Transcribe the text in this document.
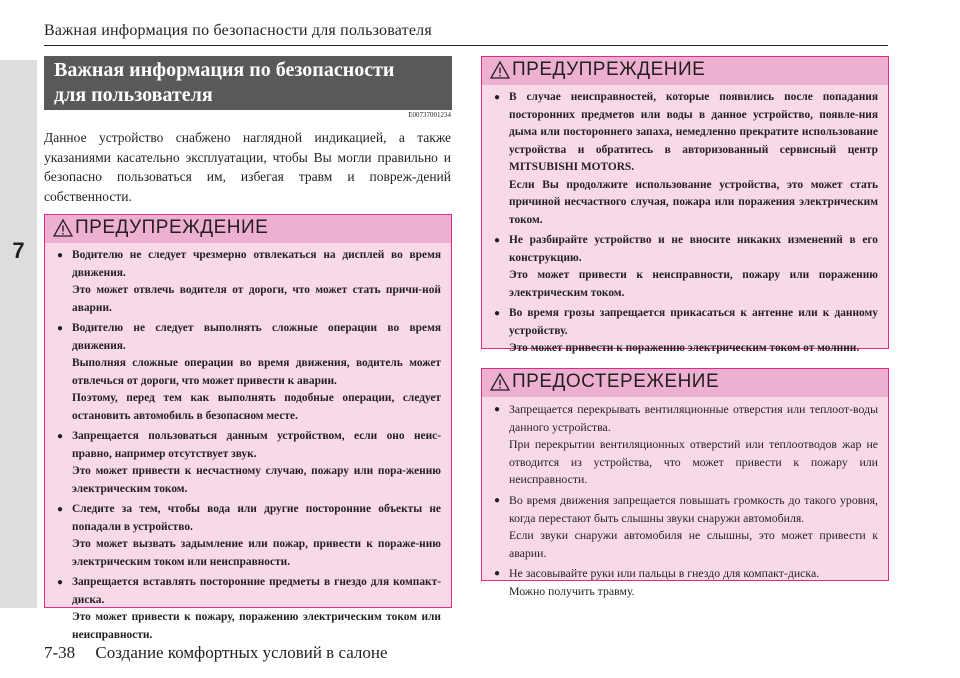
Важная информация по безопасности для пользователя
7
Важная информация по безопасности
для пользователя
E00737001234
Данное устройство снабжено наглядной индикацией, а также указаниями касательно эксплуатации, чтобы Вы могли правильно и безопасно пользоваться им, избегая травм и повреж-дений собственности.
ПРЕДУПРЕЖДЕНИЕ
● Водителю не следует чрезмерно отвлекаться на дисплей во время движения.

Это может отвлечь водителя от дороги, что может стать причи-ной аварии.

● Водителю не следует выполнять сложные операции во время движения.

Выполняя сложные операции во время движения, водитель может отвлечься от дороги, что может привести к аварии.

Поэтому, перед тем как выполнять подобные операции, следует остановить автомобиль в безопасном месте.

● Запрещается пользоваться данным устройством, если оно неис-правно, например отсутствует звук.

Это может привести к несчастному случаю, пожару или пора-жению электрическим током.

● Следите за тем, чтобы вода или другие посторонние объекты не попадали в устройство.

Это может вызвать задымление или пожар, привести к пораже-нию электрическим током или неисправности.

● Запрещается вставлять посторонние предметы в гнездо для компакт-диска.

Это может привести к пожару, поражению электрическим током или неисправности.

ПРЕДУПРЕЖДЕНИЕ
● В случае неисправностей, которые появились после попадания посторонних предметов или воды в данное устройство, появле-ния дыма или постороннего запаха, немедленно прекратите использование устройства и обратитесь в авторизованный сервисный центр MITSUBISHI MOTORS.

Если Вы продолжите использование устройства, это может стать причиной несчастного случая, пожара или поражения электрическим током.

● Не разбирайте устройство и не вносите никаких изменений в его конструкцию.

Это может привести к неисправности, пожару или поражению электрическим током.

● Во время грозы запрещается прикасаться к антенне или к данному устройству.

Это может привести к поражению электрическим током от молнии.

ПРЕДОСТЕРЕЖЕНИЕ
● Запрещается перекрывать вентиляционные отверстия или теплоот-воды данного устройства.

При перекрытии вентиляционных отверстий или теплоотводов жар не отводится из устройства, что может привести к пожару или неисправности.

● Во время движения запрещается повышать громкость до такого уровня, когда перестают быть слышны звуки снаружи автомобиля.

Если звуки снаружи автомобиля не слышны, это может привести к аварии.

● Не засовывайте руки или пальцы в гнездо для компакт-диска.

Можно получить травму.

7-38 Создание комфортных условий в салоне
